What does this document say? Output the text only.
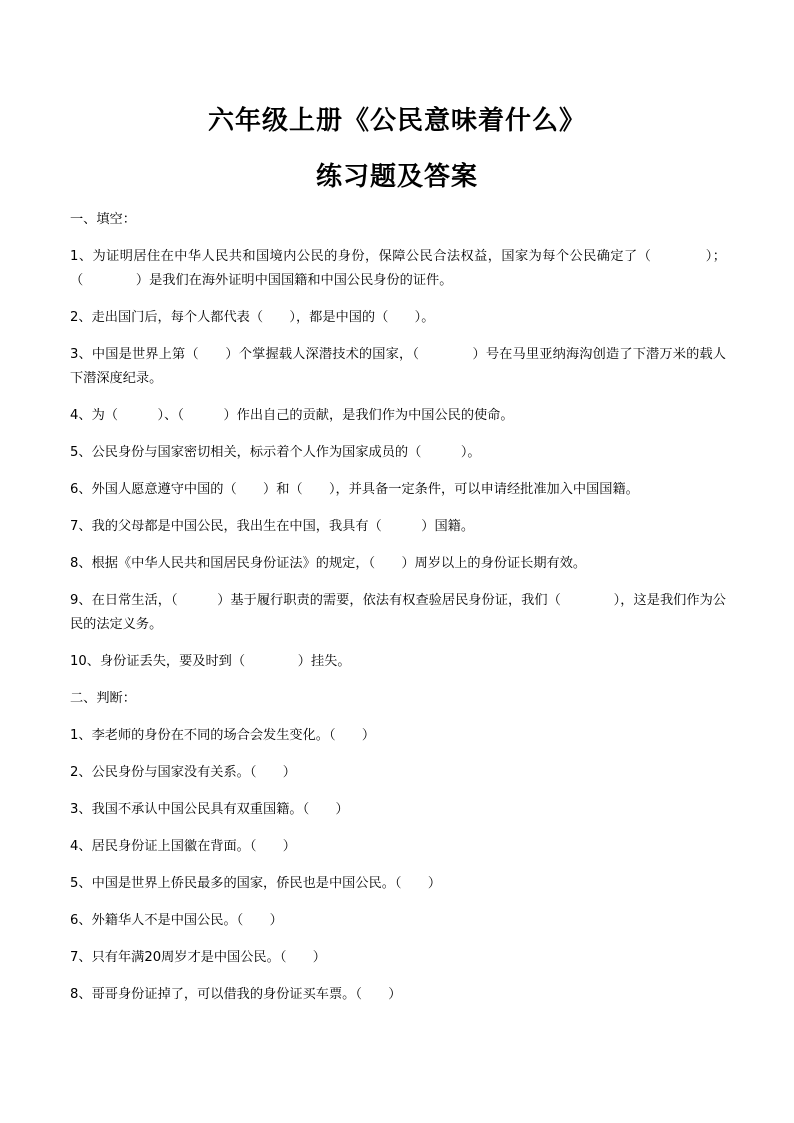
六年级上册《公民意味着什么》
练习题及答案
一、填空：
1、为证明居住在中华人民共和国境内公民的身份，保障公民合法权益，国家为每个公民确定了（　　　　）；（　　　　）是我们在海外证明中国国籍和中国公民身份的证件。
2、走出国门后，每个人都代表（　　），都是中国的（　　）。
3、中国是世界上第（　　）个掌握载人深潜技术的国家，（　　　　）号在马里亚纳海沟创造了下潜万米的载人下潜深度纪录。
4、为（　　　）、（　　　）作出自己的贡献，是我们作为中国公民的使命。
5、公民身份与国家密切相关，标示着个人作为国家成员的（　　　）。
6、外国人愿意遵守中国的（　　）和（　　），并具备一定条件，可以申请经批准加入中国国籍。
7、我的父母都是中国公民，我出生在中国，我具有（　　　）国籍。
8、根据《中华人民共和国居民身份证法》的规定，（　　）周岁以上的身份证长期有效。
9、在日常生活，（　　　）基于履行职责的需要，依法有权查验居民身份证，我们（　　　　），这是我们作为公民的法定义务。
10、身份证丢失，要及时到（　　　　）挂失。
二、判断：
1、李老师的身份在不同的场合会发生变化。（　　）
2、公民身份与国家没有关系。（　　）
3、我国不承认中国公民具有双重国籍。（　　）
4、居民身份证上国徽在背面。（　　）
5、中国是世界上侨民最多的国家，侨民也是中国公民。（　　）
6、外籍华人不是中国公民。（　　）
7、只有年满20周岁才是中国公民。（　　）
8、哥哥身份证掉了，可以借我的身份证买车票。（　　）
